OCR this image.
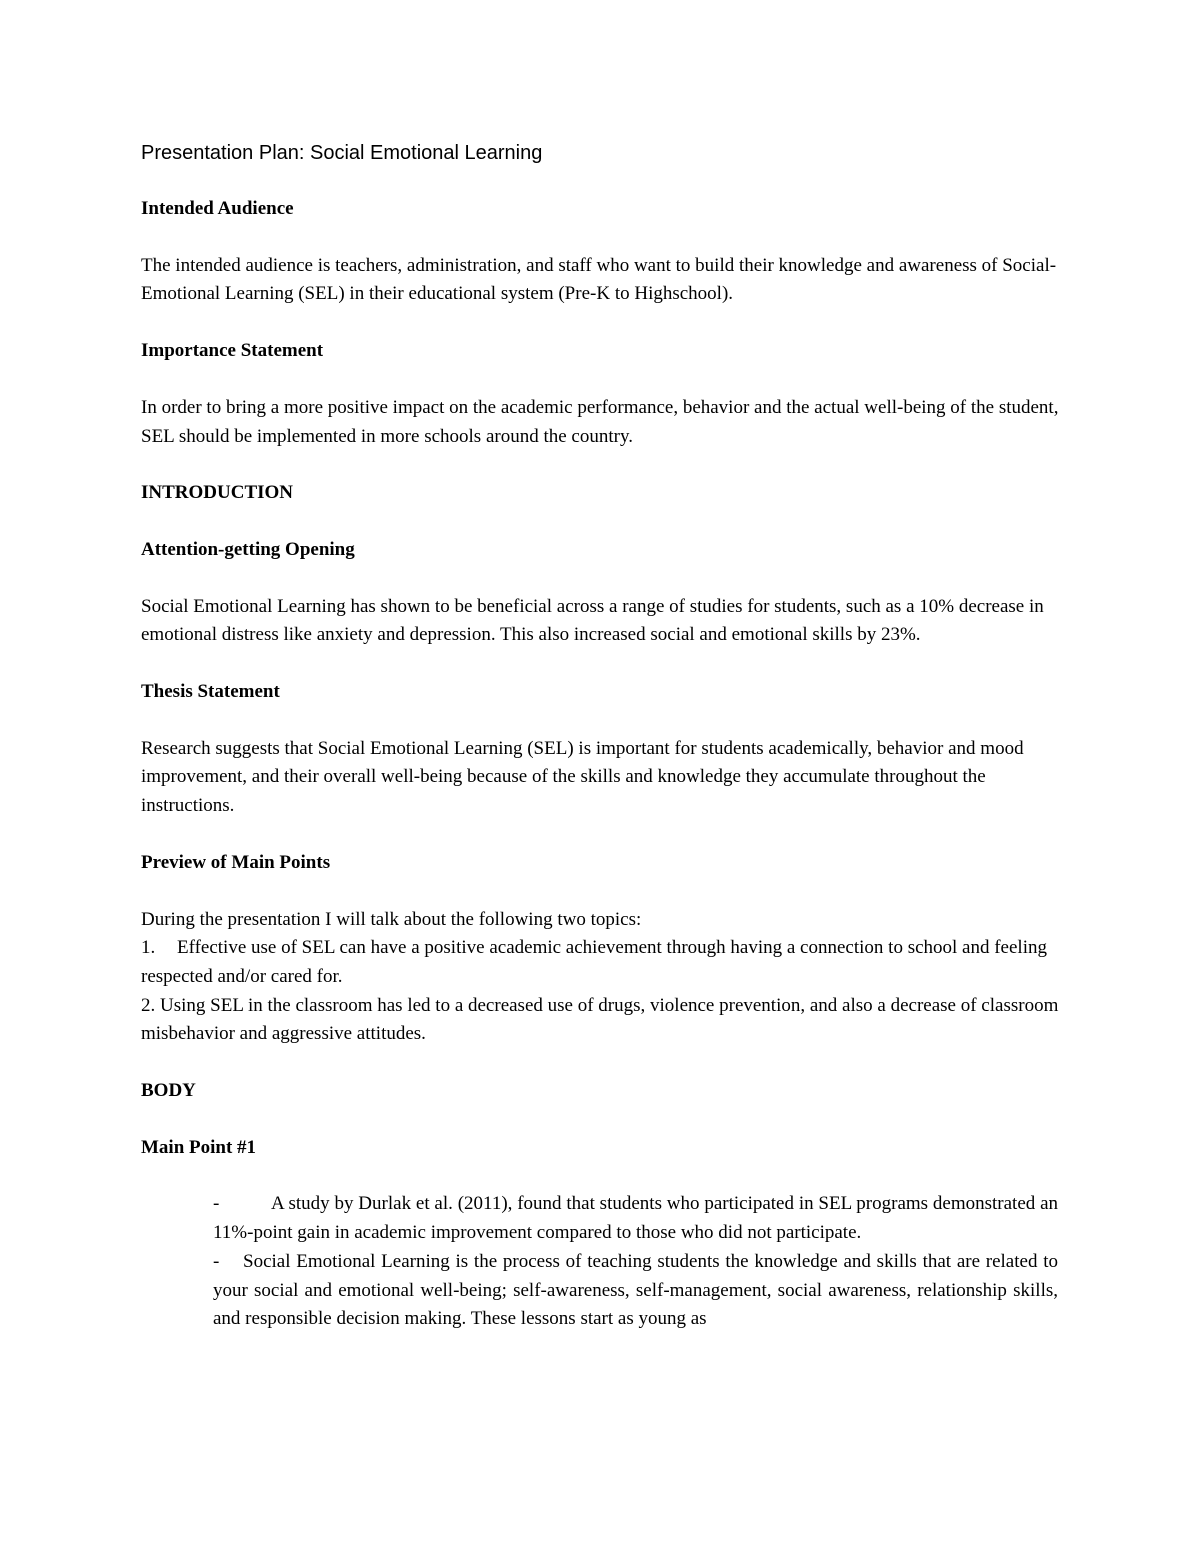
Presentation Plan: Social Emotional Learning
Intended Audience
The intended audience is teachers, administration, and staff who want to build their knowledge and awareness of Social-Emotional Learning (SEL) in their educational system (Pre-K to Highschool).
Importance Statement
In order to bring a more positive impact on the academic performance, behavior and the actual well-being of the student, SEL should be implemented in more schools around the country.
INTRODUCTION
Attention-getting Opening
Social Emotional Learning has shown to be beneficial across a range of studies for students, such as a 10% decrease in emotional distress like anxiety and depression. This also increased social and emotional skills by 23%.
Thesis Statement
Research suggests that Social Emotional Learning (SEL) is important for students academically, behavior and mood improvement, and their overall well-being because of the skills and knowledge they accumulate throughout the instructions.
Preview of Main Points
During the presentation I will talk about the following two topics:
1. Effective use of SEL can have a positive academic achievement through having a connection to school and feeling respected and/or cared for.
2. Using SEL in the classroom has led to a decreased use of drugs, violence prevention, and also a decrease of classroom misbehavior and aggressive attitudes.
BODY
Main Point #1
-	A study by Durlak et al. (2011), found that students who participated in SEL programs demonstrated an 11%-point gain in academic improvement compared to those who did not participate.
- Social Emotional Learning is the process of teaching students the knowledge and skills that are related to your social and emotional well-being; self-awareness, self-management, social awareness, relationship skills, and responsible decision making. These lessons start as young as
